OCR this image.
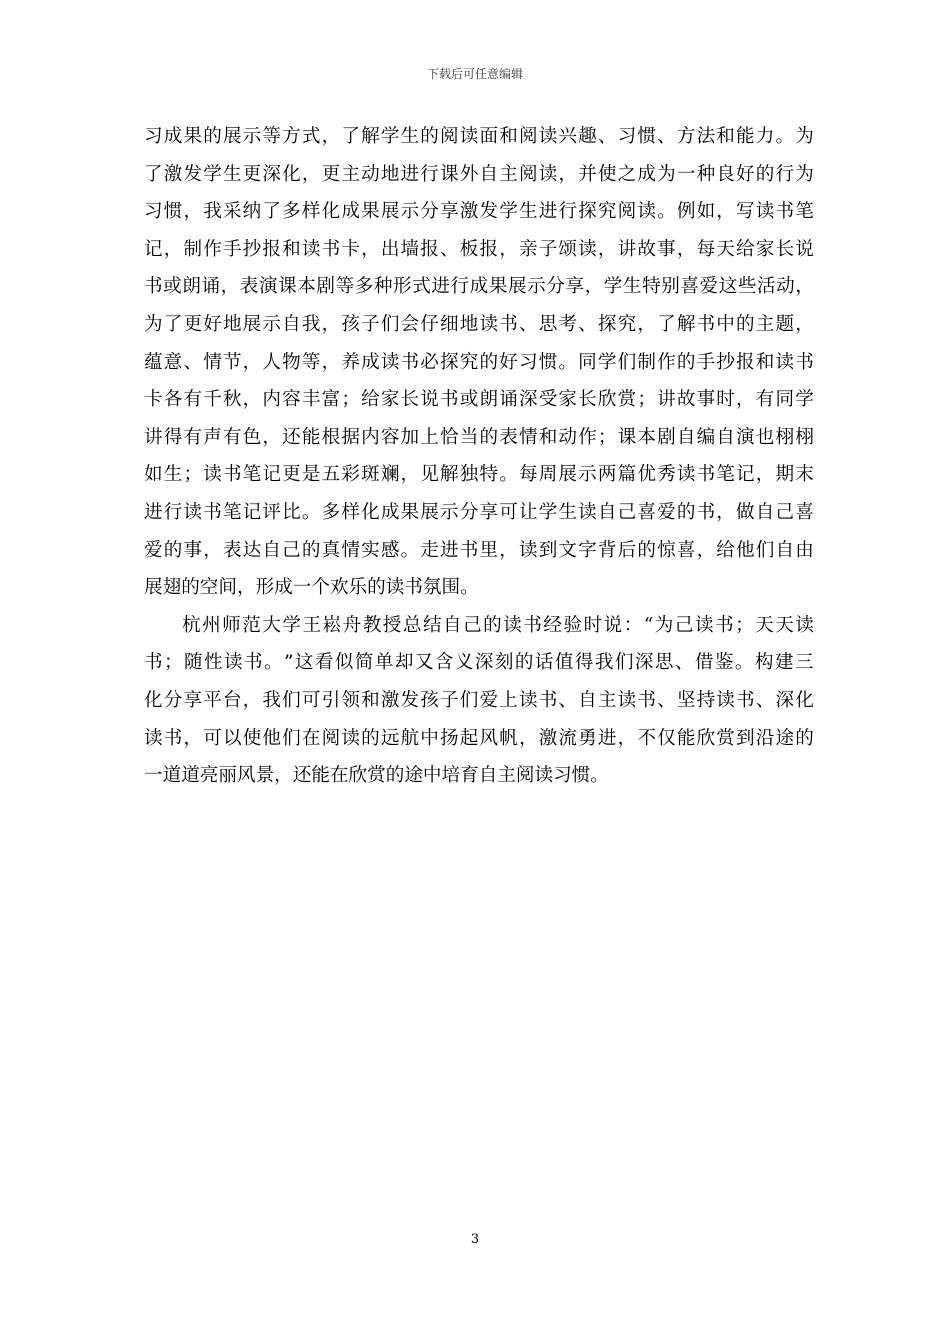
下载后可任意编辑
习 成 果 的 展 示 等 方 式 ， 了 解 学 生 的 阅 读 面 和 阅 读 兴 趣 、 习 惯 、 方 法 和 能 力 。 为
了 激 发 学 生 更 深 化 ， 更 主 动 地 进 行 课 外 自 主 阅 读 ， 并 使 之 成 为 一 种 良 好 的 行 为
习 惯 ， 我 采 纳 了 多 样 化 成 果 展 示 分 享 激 发 学 生 进 行 探 究 阅 读 。 例 如 ， 写 读 书 笔
记 ， 制 作 手 抄 报 和 读 书 卡 ， 出 墙 报 、 板 报 ， 亲 子 颂 读 ， 讲 故 事 ， 每 天 给 家 长 说
书 或 朗 诵 ， 表 演 课 本 剧 等 多 种 形 式 进 行 成 果 展 示 分 享 ， 学 生 特 别 喜 爱 这 些 活 动 ，
为 了 更 好 地 展 示 自 我 ， 孩 子 们 会 仔 细 地 读 书 、 思 考 、 探 究 ， 了 解 书 中 的 主 题 ，
蕴 意 、 情 节 ， 人 物 等 ， 养 成 读 书 必 探 究 的 好 习 惯 。 同 学 们 制 作 的 手 抄 报 和 读 书
卡 各 有 千 秋 ， 内 容 丰 富 ； 给 家 长 说 书 或 朗 诵 深 受 家 长 欣 赏 ； 讲 故 事 时 ， 有 同 学
讲 得 有 声 有 色 ， 还 能 根 据 内 容 加 上 恰 当 的 表 情 和 动 作 ； 课 本 剧 自 编 自 演 也 栩 栩
如 生 ； 读 书 笔 记 更 是 五 彩 斑 斓 ， 见 解 独 特 。 每 周 展 示 两 篇 优 秀 读 书 笔 记 ， 期 末
进 行 读 书 笔 记 评 比 。 多 样 化 成 果 展 示 分 享 可 让 学 生 读 自 己 喜 爱 的 书 ， 做 自 己 喜
爱 的 事 ， 表 达 自 己 的 真 情 实 感 。 走 进 书 里 ， 读 到 文 字 背 后 的 惊 喜 ， 给 他 们 自 由
展翅的空间，形成一个欢乐的读书氛围。
杭 州 师 范 大 学 王 崧 舟 教 授 总 结 自 己 的 读 书 经 验 时 说 ： “ 为 己 读 书 ； 天 天 读
书 ； 随 性 读 书 。 ” 这 看 似 简 单 却 又 含 义 深 刻 的 话 值 得 我 们 深 思 、 借 鉴 。 构 建 三
化 分 享 平 台 ， 我 们 可 引 领 和 激 发 孩 子 们 爱 上 读 书 、 自 主 读 书 、 坚 持 读 书 、 深 化
读 书 ， 可 以 使 他 们 在 阅 读 的 远 航 中 扬 起 风 帆 ， 激 流 勇 进 ， 不 仅 能 欣 赏 到 沿 途 的
一道道亮丽风景，还能在欣赏的途中培育自主阅读习惯。
3
